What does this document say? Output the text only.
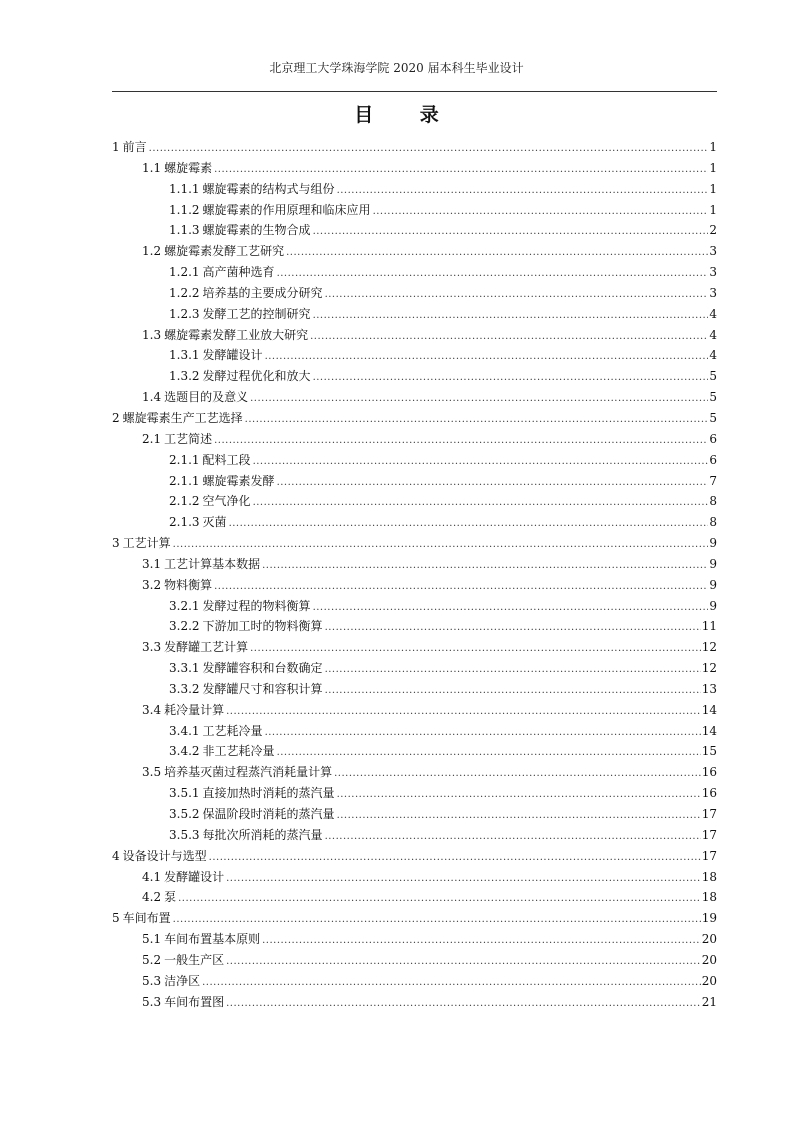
北京理工大学珠海学院 2020 届本科生毕业设计
目 录
1 前言 .....	1
1.1 螺旋霉素 .....	1
1.1.1 螺旋霉素的结构式与组份 .....	1
1.1.2 螺旋霉素的作用原理和临床应用 .....	1
1.1.3 螺旋霉素的生物合成 .....	2
1.2 螺旋霉素发酵工艺研究 .....	3
1.2.1 高产菌种选育 .....	3
1.2.2 培养基的主要成分研究 .....	3
1.2.3 发酵工艺的控制研究 .....	4
1.3 螺旋霉素发酵工业放大研究 .....	4
1.3.1 发酵罐设计 .....	4
1.3.2 发酵过程优化和放大 .....	5
1.4 选题目的及意义 .....	5
2 螺旋霉素生产工艺选择 .....	5
2.1 工艺简述 .....	6
2.1.1 配料工段 .....	6
2.1.1 螺旋霉素发酵 .....	7
2.1.2 空气净化 .....	8
2.1.3 灭菌 .....	8
3 工艺计算 .....	9
3.1 工艺计算基本数据 .....	9
3.2 物料衡算 .....	9
3.2.1 发酵过程的物料衡算 .....	9
3.2.2 下游加工时的物料衡算 .....	11
3.3 发酵罐工艺计算 .....	12
3.3.1 发酵罐容积和台数确定 .....	12
3.3.2 发酵罐尺寸和容积计算 .....	13
3.4 耗冷量计算 .....	14
3.4.1 工艺耗冷量 .....	14
3.4.2 非工艺耗冷量 .....	15
3.5 培养基灭菌过程蒸汽消耗量计算 .....	16
3.5.1 直接加热时消耗的蒸汽量 .....	16
3.5.2 保温阶段时消耗的蒸汽量 .....	17
3.5.3 每批次所消耗的蒸汽量 .....	17
4 设备设计与选型 .....	17
4.1 发酵罐设计 .....	18
4.2 泵 .....	18
5 车间布置 .....	19
5.1 车间布置基本原则 .....	20
5.2 一般生产区 .....	20
5.3 洁净区 .....	20
5.3 车间布置图 .....	21
